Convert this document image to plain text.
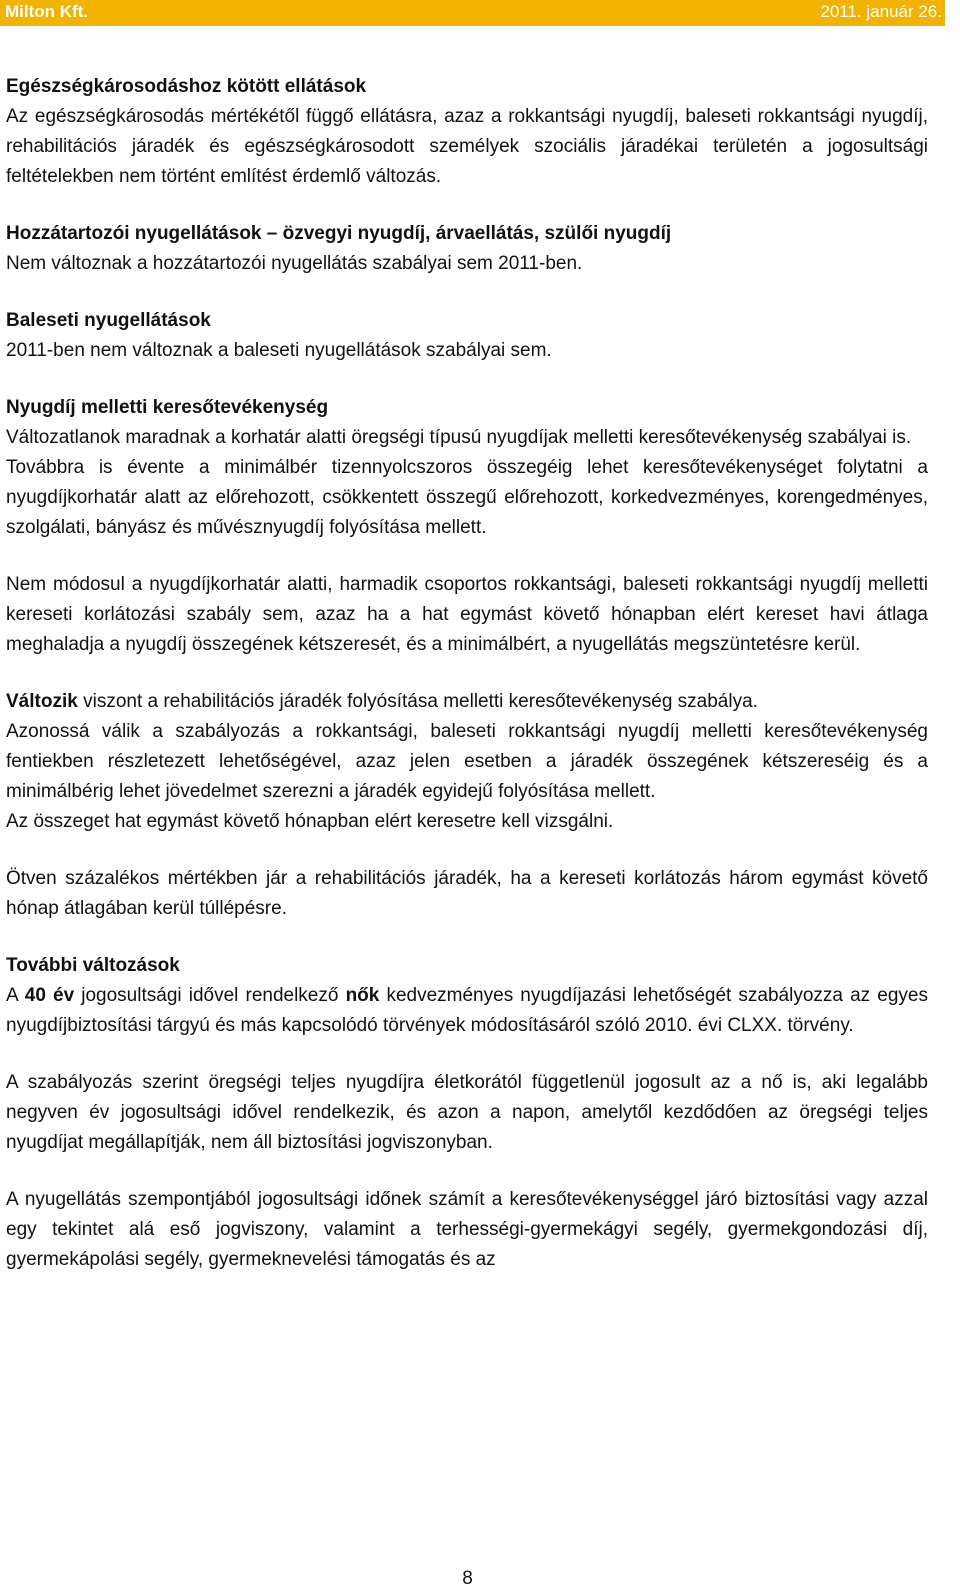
Milton Kft.	2011. január 26.

Egészségkárosodáshoz kötött ellátások

Az egészségkárosodás mértékétől függő ellátásra, azaz a rokkantsági nyugdíj, baleseti rokkantsági nyugdíj, rehabilitációs járadék és egészségkárosodott személyek szociális járadékai területén a jogosultsági feltételekben nem történt említést érdemlő változás.

Hozzátartozói nyugellátások – özvegyi nyugdíj, árvaellátás, szülői nyugdíj

Nem változnak a hozzátartozói nyugellátás szabályai sem 2011-ben.

Baleseti nyugellátások

2011-ben nem változnak a baleseti nyugellátások szabályai sem.

Nyugdíj melletti keresőtevékenység

Változatlanok maradnak a korhatár alatti öregségi típusú nyugdíjak melletti keresőtevékenység szabályai is.

Továbbra is évente a minimálbér tizennyolcszoros összegéig lehet keresőtevékenységet folytatni a nyugdíjkorhatár alatt az előrehozott, csökkentett összegű előrehozott, korkedvezményes, korengedményes, szolgálati, bányász és művésznyugdíj folyósítása mellett.

Nem módosul a nyugdíjkorhatár alatti, harmadik csoportos rokkantsági, baleseti rokkantsági nyugdíj melletti kereseti korlátozási szabály sem, azaz ha a hat egymást követő hónapban elért kereset havi átlaga meghaladja a nyugdíj összegének kétszeresét, és a minimálbért, a nyugellátás megszüntetésre kerül.

Változik viszont a rehabilitációs járadék folyósítása melletti keresőtevékenység szabálya.

Azonossá válik a szabályozás a rokkantsági, baleseti rokkantsági nyugdíj melletti keresőtevékenység fentiekben részletezett lehetőségével, azaz jelen esetben a járadék összegének kétszereséig és a minimálbérig lehet jövedelmet szerezni a járadék egyidejű folyósítása mellett.

Az összeget hat egymást követő hónapban elért keresetre kell vizsgálni.

Ötven százalékos mértékben jár a rehabilitációs járadék, ha a kereseti korlátozás három egymást követő hónap átlagában kerül túllépésre.

További változások

A 40 év jogosultsági idővel rendelkező nők kedvezményes nyugdíjazási lehetőségét szabályozza az egyes nyugdíjbiztosítási tárgyú és más kapcsolódó törvények módosításáról szóló 2010. évi CLXX. törvény.

A szabályozás szerint öregségi teljes nyugdíjra életkorától függetlenül jogosult az a nő is, aki legalább negyven év jogosultsági idővel rendelkezik, és azon a napon, amelytől kezdődően az öregségi teljes nyugdíjat megállapítják, nem áll biztosítási jogviszonyban.

A nyugellátás szempontjából jogosultsági időnek számít a keresőtevékenységgel járó biztosítási vagy azzal egy tekintet alá eső jogviszony, valamint a terhességi-gyermekágyi segély, gyermekgondozási díj, gyermekápolási segély, gyermeknevelési támogatás és az

8
